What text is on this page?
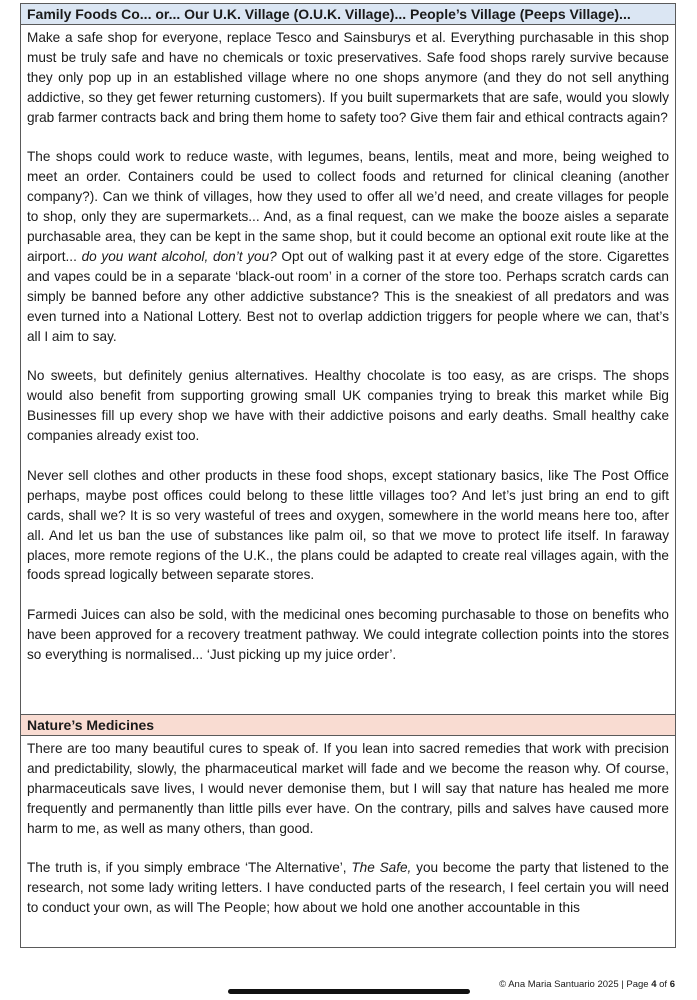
Family Foods Co... or... Our U.K. Village (O.U.K. Village)... People’s Village (Peeps Village)...

Make a safe shop for everyone, replace Tesco and Sainsburys et al. Everything purchasable in this shop must be truly safe and have no chemicals or toxic preservatives. Safe food shops rarely survive because they only pop up in an established village where no one shops anymore (and they do not sell anything addictive, so they get fewer returning customers). If you built supermarkets that are safe, would you slowly grab farmer contracts back and bring them home to safety too? Give them fair and ethical contracts again?

The shops could work to reduce waste, with legumes, beans, lentils, meat and more, being weighed to meet an order. Containers could be used to collect foods and returned for clinical cleaning (another company?). Can we think of villages, how they used to offer all we’d need, and create villages for people to shop, only they are supermarkets... And, as a final request, can we make the booze aisles a separate purchasable area, they can be kept in the same shop, but it could become an optional exit route like at the airport... do you want alcohol, don’t you? Opt out of walking past it at every edge of the store. Cigarettes and vapes could be in a separate ‘black-out room’ in a corner of the store too. Perhaps scratch cards can simply be banned before any other addictive substance? This is the sneakiest of all predators and was even turned into a National Lottery. Best not to overlap addiction triggers for people where we can, that’s all I aim to say.

No sweets, but definitely genius alternatives. Healthy chocolate is too easy, as are crisps. The shops would also benefit from supporting growing small UK companies trying to break this market while Big Businesses fill up every shop we have with their addictive poisons and early deaths. Small healthy cake companies already exist too.

Never sell clothes and other products in these food shops, except stationary basics, like The Post Office perhaps, maybe post offices could belong to these little villages too? And let’s just bring an end to gift cards, shall we? It is so very wasteful of trees and oxygen, somewhere in the world means here too, after all. And let us ban the use of substances like palm oil, so that we move to protect life itself. In faraway places, more remote regions of the U.K., the plans could be adapted to create real villages again, with the foods spread logically between separate stores.

Farmedi Juices can also be sold, with the medicinal ones becoming purchasable to those on benefits who have been approved for a recovery treatment pathway. We could integrate collection points into the stores so everything is normalised... ‘Just picking up my juice order’.

Nature’s Medicines

There are too many beautiful cures to speak of. If you lean into sacred remedies that work with precision and predictability, slowly, the pharmaceutical market will fade and we become the reason why. Of course, pharmaceuticals save lives, I would never demonise them, but I will say that nature has healed me more frequently and permanently than little pills ever have. On the contrary, pills and salves have caused more harm to me, as well as many others, than good.

The truth is, if you simply embrace ‘The Alternative’, The Safe, you become the party that listened to the research, not some lady writing letters. I have conducted parts of the research, I feel certain you will need to conduct your own, as will The People; how about we hold one another accountable in this

© Ana Maria Santuario 2025 | Page 4 of 6
